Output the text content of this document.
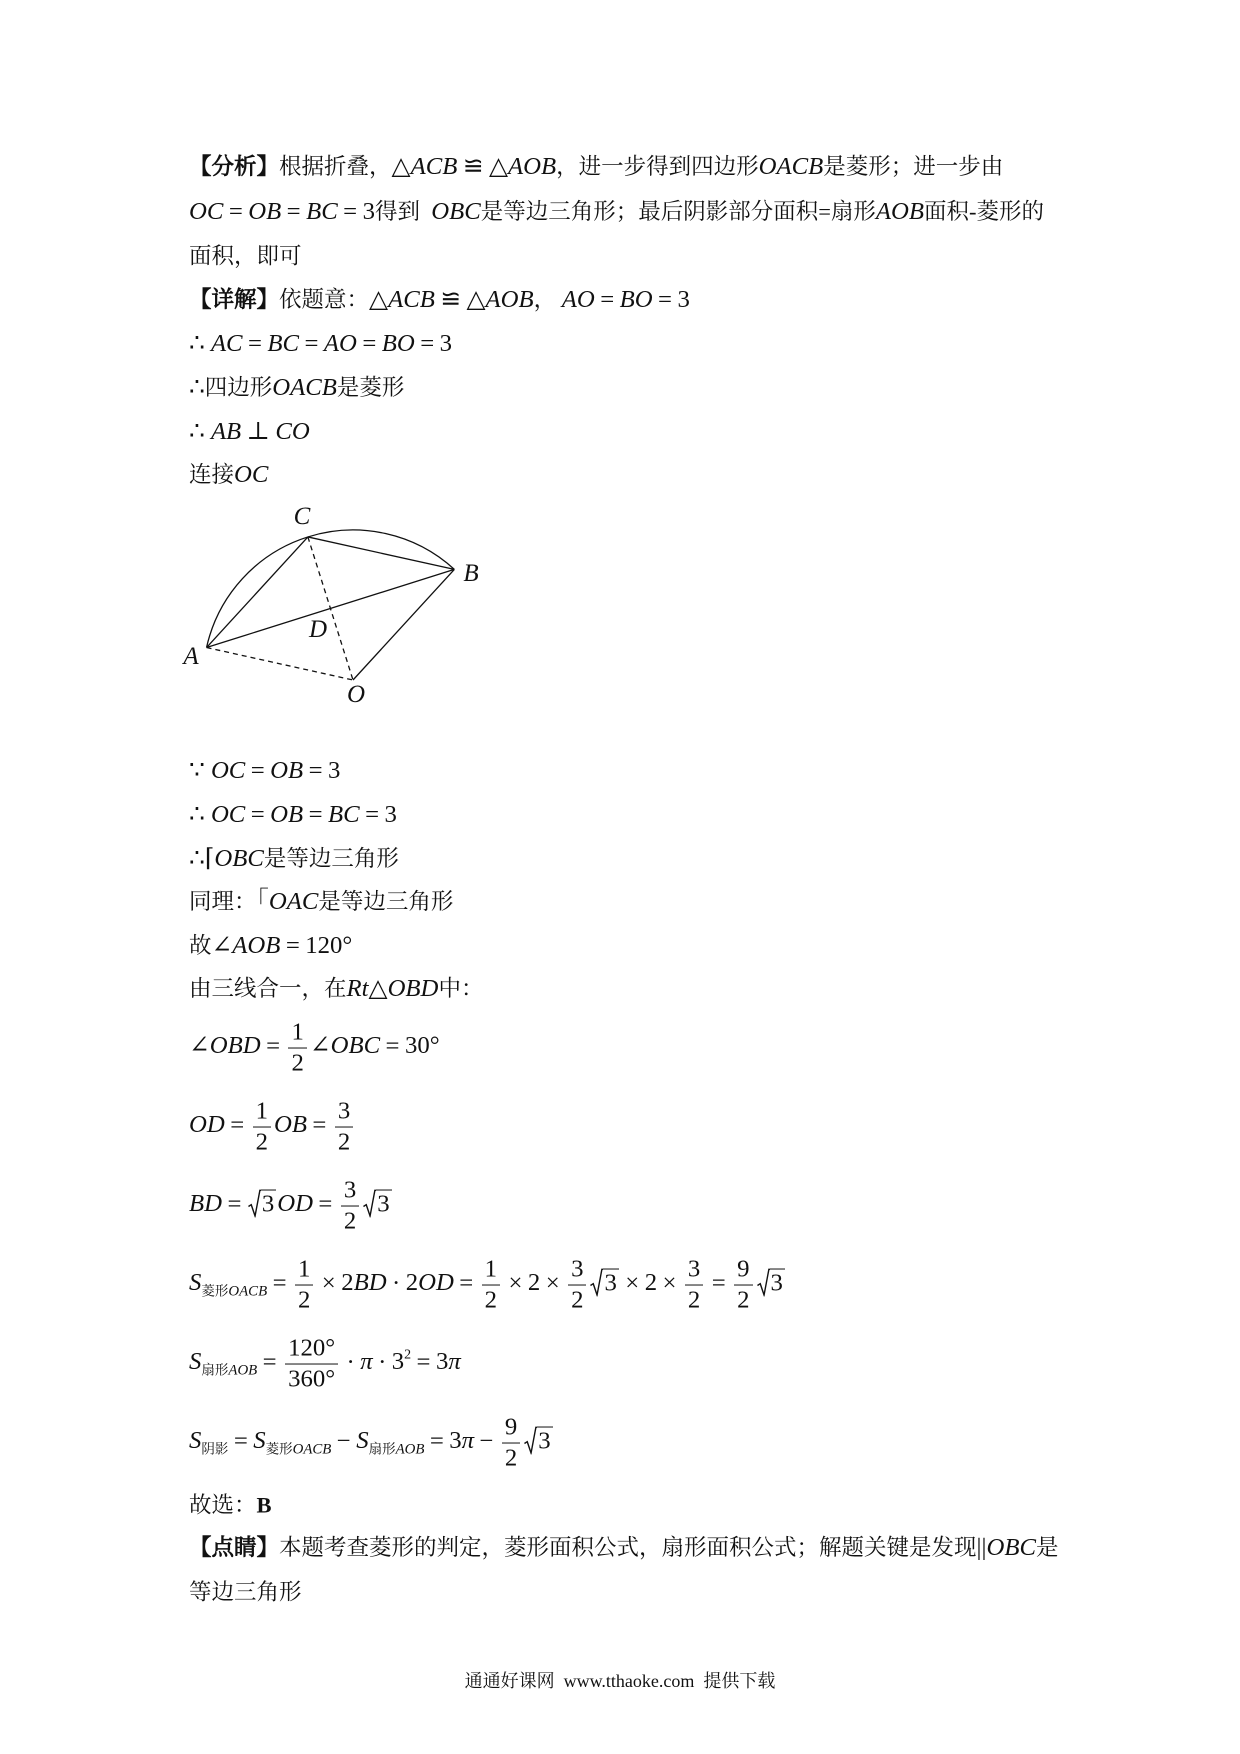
【分析】根据折叠，△ACB ≌ △AOB，进一步得到四边形OACB是菱形；进一步由
OC = OB = BC = 3得到  OBC是等边三角形；最后阴影部分面积=扇形AOB面积-菱形的
面积，即可
【详解】依题意：△ACB ≌ △AOB， AO = BO = 3
∴ AC = BC = AO = BO = 3
∴四边形OACB是菱形
∴ AB ⊥ CO
连接OC
C
B
D
A
O
∵ OC = OB = 3
∴ OC = OB = BC = 3
∴⌈OBC是等边三角形
同理：「OAC是等边三角形
故∠AOB = 120°
由三线合一，在Rt△OBD中：
∠OBD = $\frac{1}{2}$ ∠OBC = 30°
OD = $\frac{1}{2}$ OB = $\frac{3}{2}$
BD = 3 OD = $\frac{3}{2} 3$
$S_{菱形OACB} = \frac{1}{2} \times 2BD \cdot 2OD = \frac{1}{2} \times 2 \times \frac{3}{2} 3 \times 2 \times \frac{3}{2} = \frac{9}{2} 3$
$S_{扇形AOB} = \frac{120^\circ}{360^\circ} \cdot \pi \cdot 3^2 = 3\pi$
$S_{阴影} = S_{菱形OACB} - S_{扇形AOB} = 3\pi - \frac{9}{2} 3$
故选：B
【点睛】本题考查菱形的判定，菱形面积公式，扇形面积公式；解题关键是发现||OBC是
等边三角形
通通好课网  www.tthaoke.com  提供下载
